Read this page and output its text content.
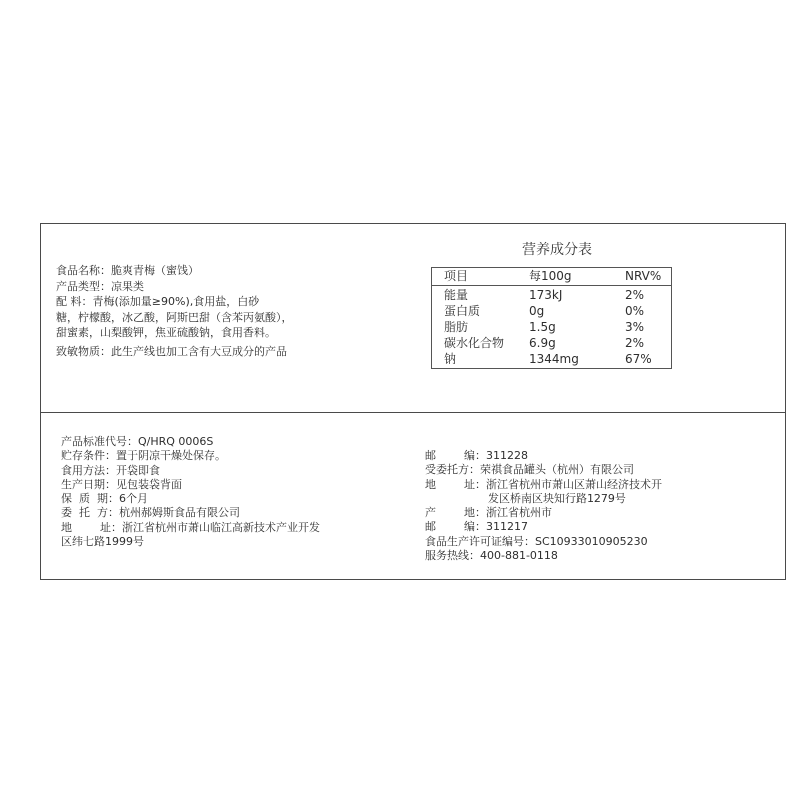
食品名称：脆爽青梅（蜜饯）
产品类型：凉果类
配 料：青梅(添加量≥90%),食用盐，白砂
糖，柠檬酸，冰乙酸，阿斯巴甜（含苯丙氨酸），
甜蜜素，山梨酸钾，焦亚硫酸钠，食用香料。
致敏物质：此生产线也加工含有大豆成分的产品
营养成分表
项目	每100g	NRV%
能量	173kJ	2%
蛋白质	0g	0%
脂肪	1.5g	3%
碳水化合物 6.9g	2%
钠	1344mg	67%
产品标准代号：Q/HRQ 0006S
贮存条件：置于阴凉干燥处保存。
食用方法：开袋即食
生产日期：见包装袋背面
保  质  期：6个月
委  托  方：杭州郝姆斯食品有限公司
地        址：浙江省杭州市萧山临江高新技术产业开发
区纬七路1999号
邮        编：311228
受委托方：荣祺食品罐头（杭州）有限公司
地        址：浙江省杭州市萧山区萧山经济技术开
发区桥南区块知行路1279号
产        地：浙江省杭州市
邮        编：311217
食品生产许可证编号：SC10933010905230
服务热线：400-881-0118
